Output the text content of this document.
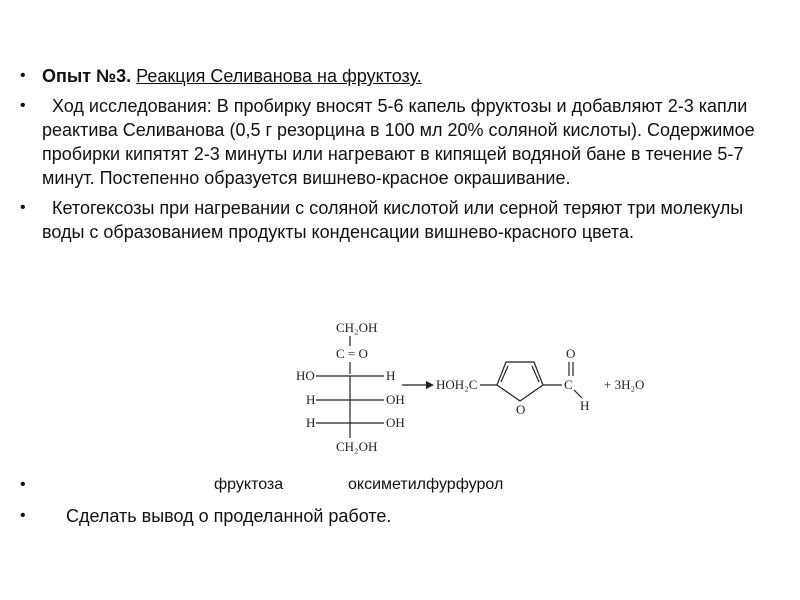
• Опыт №3. Реакция Селиванова на фруктозу.
•	Ход исследования: В пробирку вносят 5-6 капель фруктозы и добавляют 2-3 капли реактива Селиванова (0,5 г резорцина в 100 мл 20% соляной кислоты). Содержимое пробирки кипятят 2-3 минуты или нагревают в кипящей водяной бане в течение 5-7 минут. Постепенно образуется вишнево-красное окрашивание.
•	Кетогексозы при нагревании с соляной кислотой или серной теряют три молекулы воды с образованием продукты конденсации вишнево-красного цвета.
CH₂OH
C = O
HO	H
H	OH
H	OH
CH₂OH
HOH₂C
O
C
O
H
+ 3H₂O
•	фруктоза	оксиметилфурфурол
•	Сделать вывод о проделанной работе.
